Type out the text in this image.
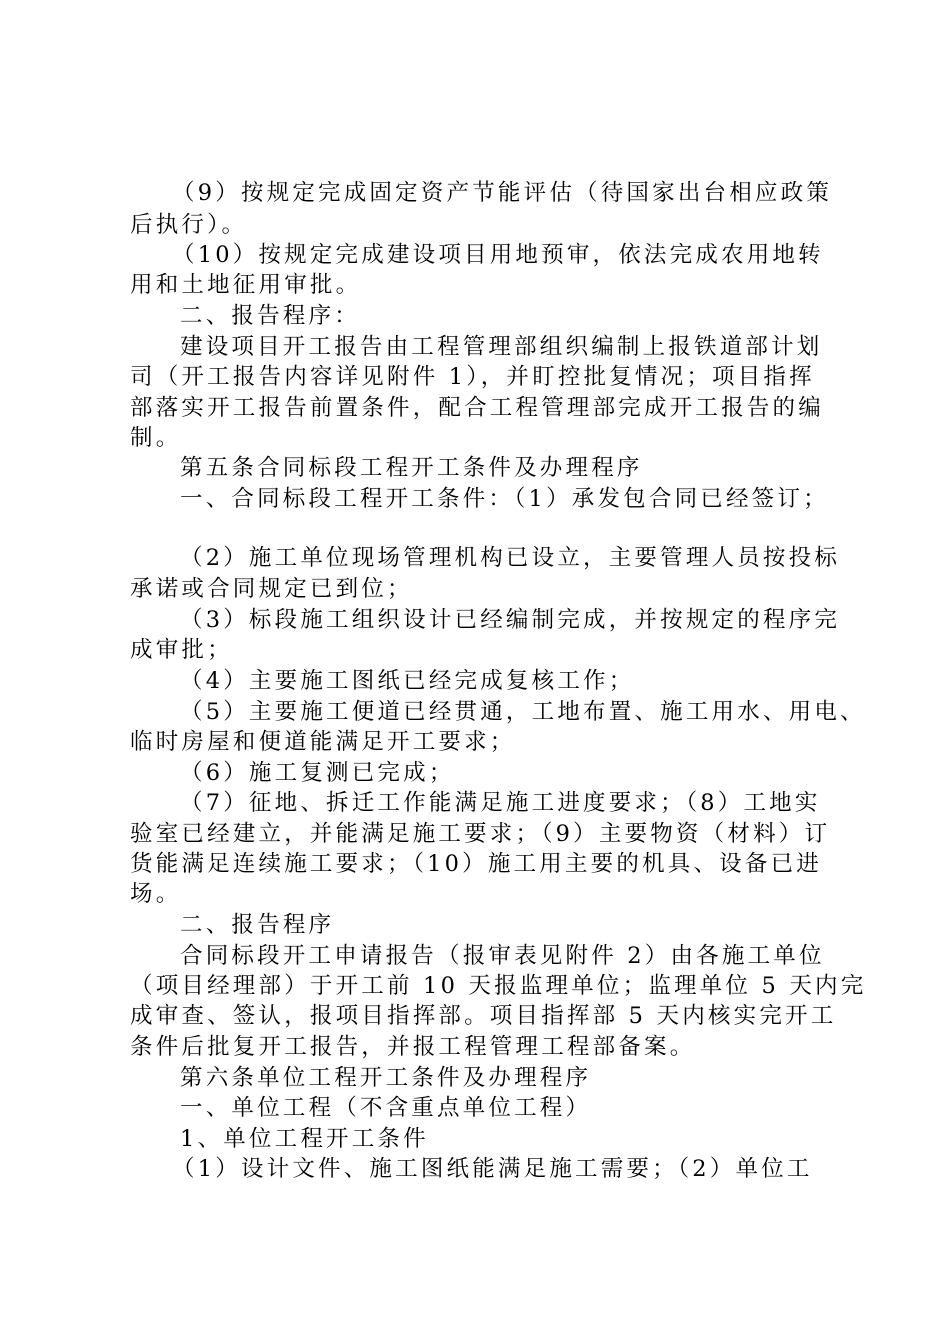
（9）按规定完成固定资产节能评估（待国家出台相应政策
后执行）。
（10）按规定完成建设项目用地预审，依法完成农用地转
用和土地征用审批。
二、报告程序：
建设项目开工报告由工程管理部组织编制上报铁道部计划
司（开工报告内容详见附件 1），并盯控批复情况；项目指挥
部落实开工报告前置条件，配合工程管理部完成开工报告的编
制。
第五条合同标段工程开工条件及办理程序
一、合同标段工程开工条件：（1）承发包合同已经签订；
（2）施工单位现场管理机构已设立，主要管理人员按投标
承诺或合同规定已到位；
（3）标段施工组织设计已经编制完成，并按规定的程序完
成审批；
（4）主要施工图纸已经完成复核工作；
（5）主要施工便道已经贯通，工地布置、施工用水、用电、
临时房屋和便道能满足开工要求；
（6）施工复测已完成；
（7）征地、拆迁工作能满足施工进度要求；（8）工地实
验室已经建立，并能满足施工要求；（9）主要物资（材料）订
货能满足连续施工要求；（10）施工用主要的机具、设备已进
场。
二、报告程序
合同标段开工申请报告（报审表见附件 2）由各施工单位
（项目经理部）于开工前 10 天报监理单位；监理单位 5 天内完
成审查、签认，报项目指挥部。项目指挥部 5 天内核实完开工
条件后批复开工报告，并报工程管理工程部备案。
第六条单位工程开工条件及办理程序
一、单位工程（不含重点单位工程）
1、单位工程开工条件
（1）设计文件、施工图纸能满足施工需要；（2）单位工
